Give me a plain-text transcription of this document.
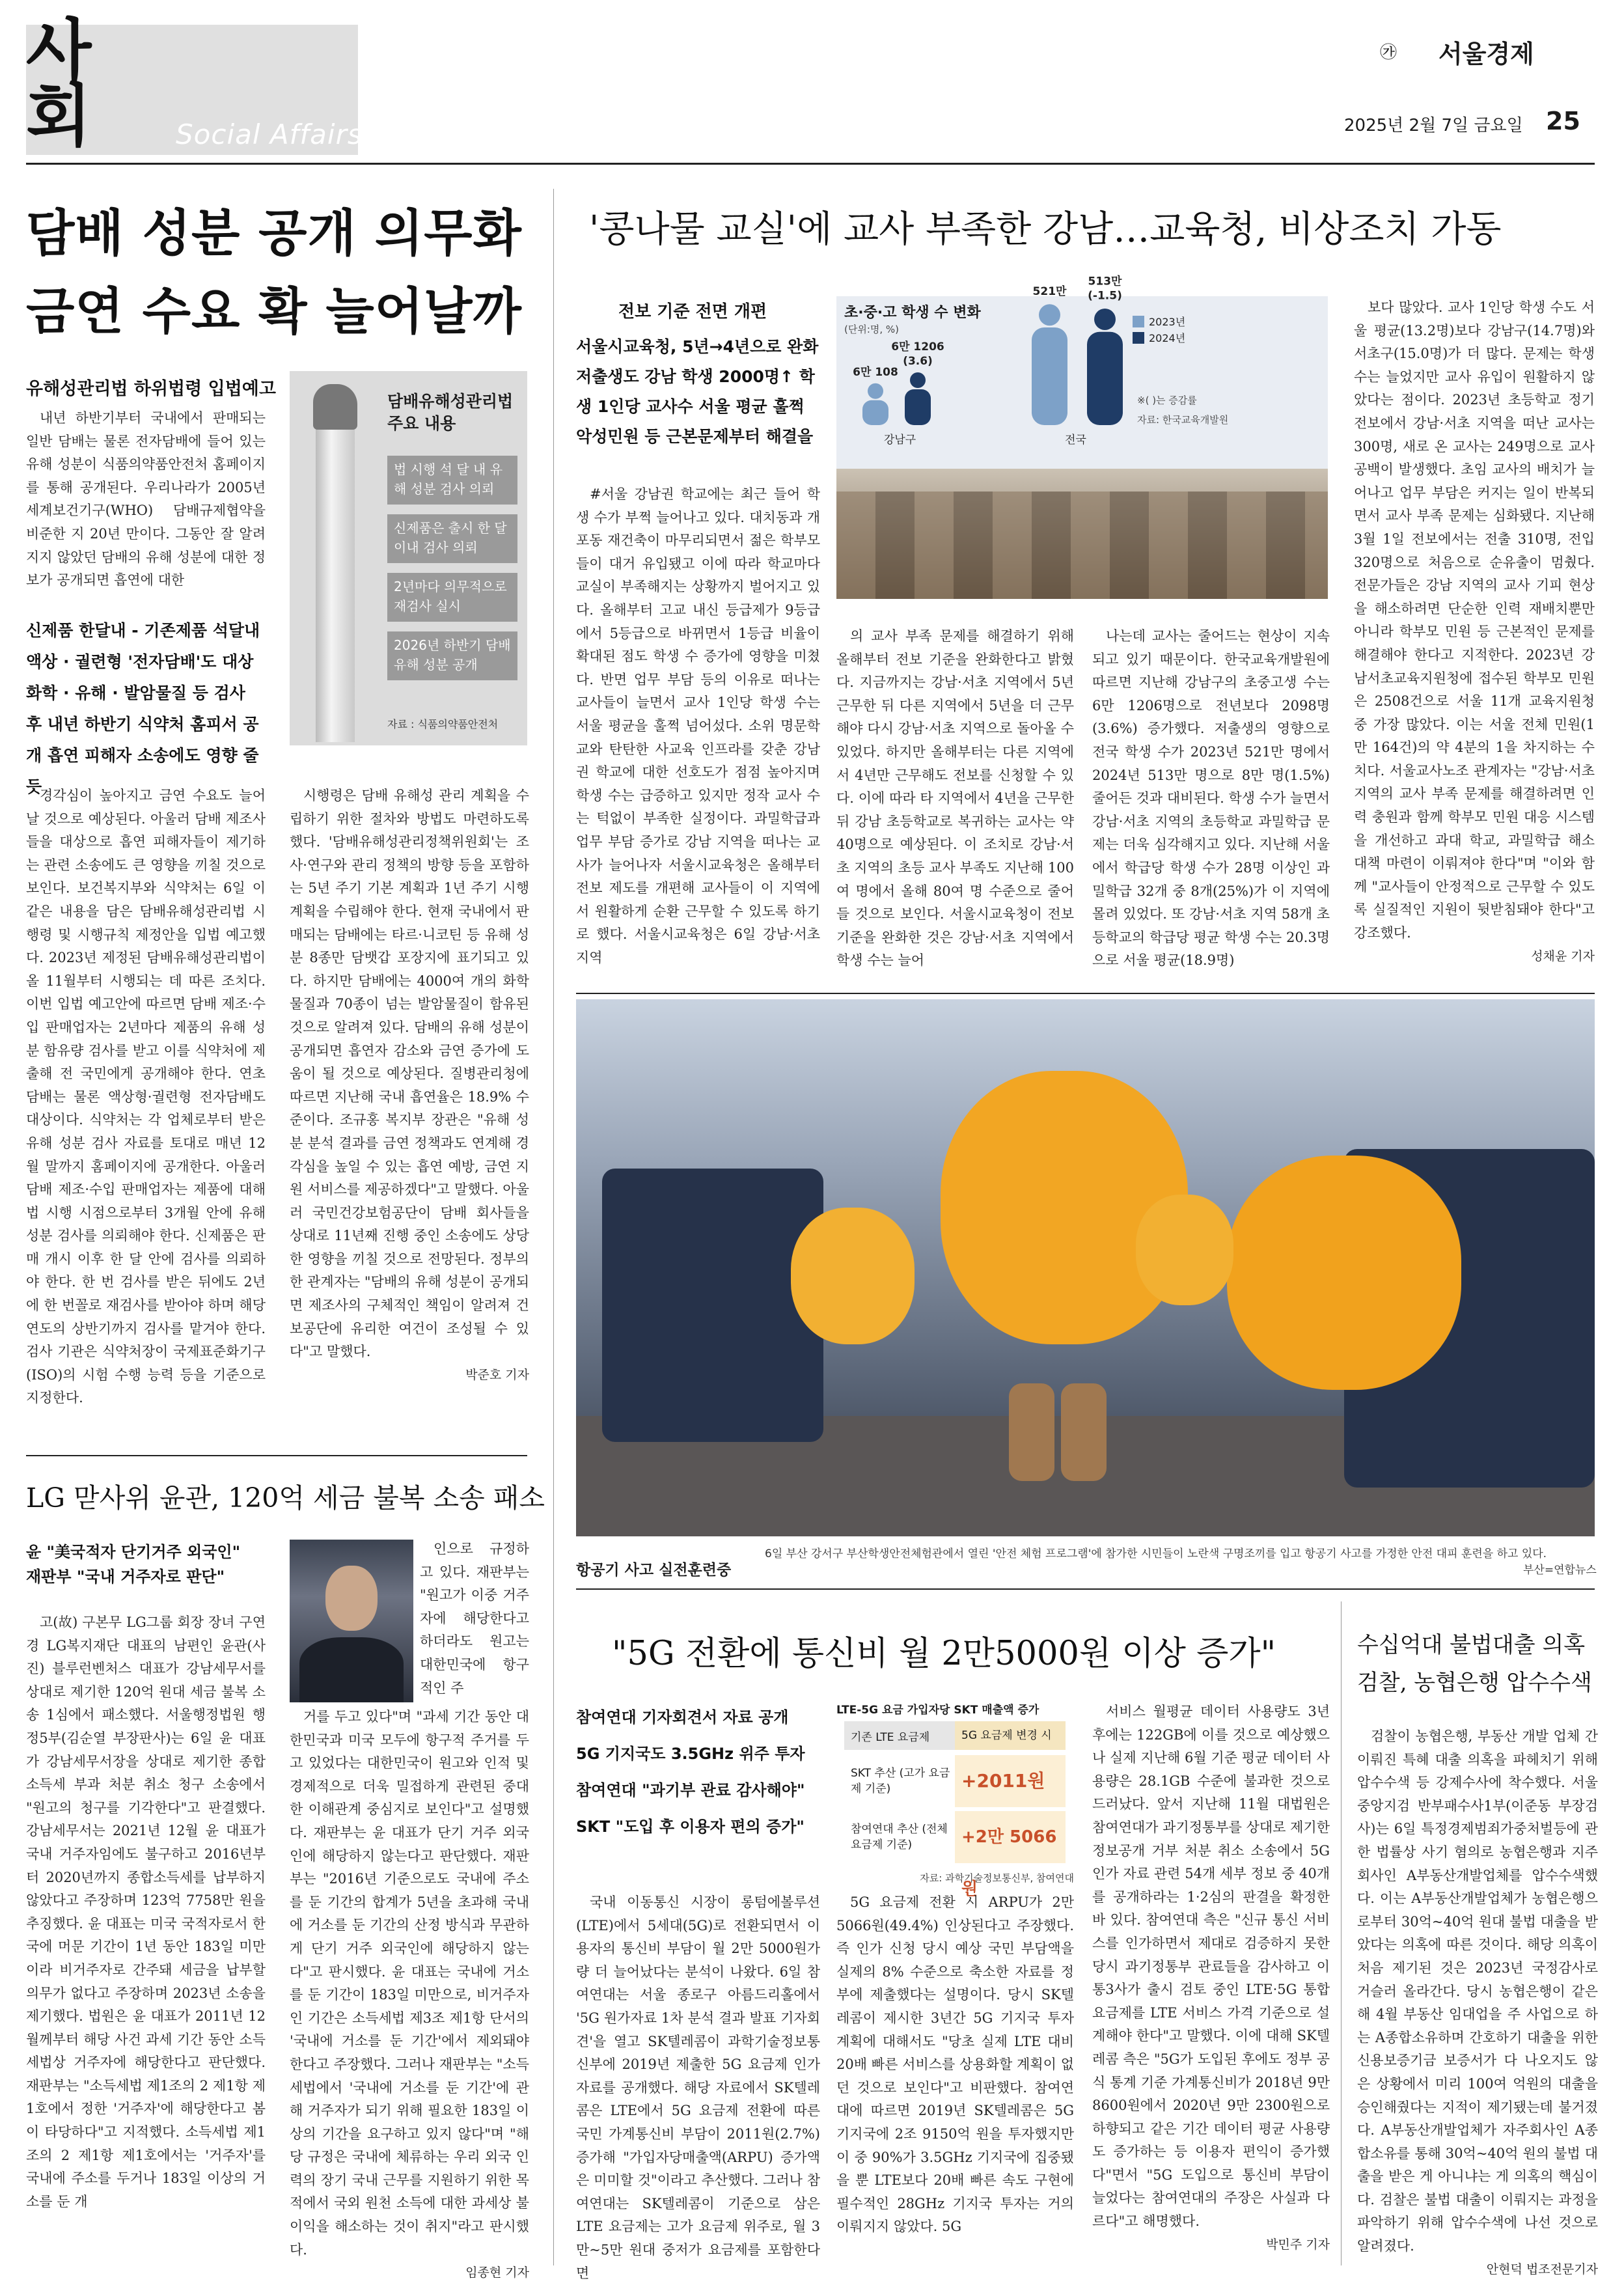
사회	Social Affairs
㉮ 서울경제
2025년 2월 7일 금요일 25
담배 성분 공개 의무화
금연 수요 확 늘어날까
유해성관리법 하위법령 입법예고

내년 하반기부터 국내에서 판매되는 일반 담배는 물론 전자담배에 들어 있는 유해 성분이 식품의약품안전처 홈페이지를 통해 공개된다. 우리나라가 2005년 세계보건기구(WHO) 담배규제협약을 비준한 지 20년 만이다. 그동안 잘 알려지지 않았던 담배의 유해 성분에 대한 정보가 공개되면 흡연에 대한

신제품 한달내 - 기존제품 석달내 액상 · 궐련형 '전자담배'도 대상 화학 · 유해 · 발암물질 등 검사 후 내년 하반기 식약처 홈피서 공개 흡연 피해자 소송에도 영향 줄듯
담배유해성관리법 주요 내용
법 시행 석 달 내 유해 성분 검사 의뢰
신제품은 출시 한 달 이내 검사 의뢰
2년마다 의무적으로 재검사 실시
2026년 하반기 담배 유해 성분 공개
자료 : 식품의약품안전처

경각심이 높아지고 금연 수요도 늘어날 것으로 예상된다. 아울러 담배 제조사들을 대상으로 흡연 피해자들이 제기하는 관련 소송에도 큰 영향을 끼칠 것으로 보인다. 보건복지부와 식약처는 6일 이 같은 내용을 담은 담배유해성관리법 시행령 및 시행규칙 제정안을 입법 예고했다. 2023년 제정된 담배유해성관리법이 올 11월부터 시행되는 데 따른 조치다. 이번 입법 예고안에 따르면 담배 제조·수입 판매업자는 2년마다 제품의 유해 성분 함유량 검사를 받고 이를 식약처에 제출해 전 국민에게 공개해야 한다. 연초 담배는 물론 액상형·궐련형 전자담배도 대상이다. 식약처는 각 업체로부터 받은 유해 성분 검사 자료를 토대로 매년 12월 말까지 홈페이지에 공개한다. 아울러 담배 제조·수입 판매업자는 제품에 대해 법 시행 시점으로부터 3개월 안에 유해 성분 검사를 의뢰해야 한다. 신제품은 판매 개시 이후 한 달 안에 검사를 의뢰하야 한다. 한 번 검사를 받은 뒤에도 2년에 한 번꼴로 재검사를 받아야 하며 해당 연도의 상반기까지 검사를 맡겨야 한다. 검사 기관은 식약처장이 국제표준화기구(ISO)의 시험 수행 능력 등을 기준으로 지정한다.

시행령은 담배 유해성 관리 계획을 수립하기 위한 절차와 방법도 마련하도록 했다. '담배유해성관리정책위원회'는 조사·연구와 관리 정책의 방향 등을 포함하는 5년 주기 기본 계획과 1년 주기 시행 계획을 수립해야 한다. 현재 국내에서 판매되는 담배에는 타르·니코틴 등 유해 성분 8종만 담뱃갑 포장지에 표기되고 있다. 하지만 담배에는 4000여 개의 화학물질과 70종이 넘는 발암물질이 함유된 것으로 알려져 있다. 담배의 유해 성분이 공개되면 흡연자 감소와 금연 증가에 도움이 될 것으로 예상된다. 질병관리청에 따르면 지난해 국내 흡연율은 18.9% 수준이다. 조규홍 복지부 장관은 "유해 성분 분석 결과를 금연 정책과도 연계해 경각심을 높일 수 있는 흡연 예방, 금연 지원 서비스를 제공하겠다"고 말했다. 아울러 국민건강보험공단이 담배 회사들을 상대로 11년째 진행 중인 소송에도 상당한 영향을 끼칠 것으로 전망된다. 정부의 한 관계자는 "담배의 유해 성분이 공개되면 제조사의 구체적인 책임이 알려져 건보공단에 유리한 여건이 조성될 수 있다"고 말했다.

박준호 기자
LG 맏사위 윤관, 120억 세금 불복 소송 패소
윤 "美국적자 단기거주 외국인"
재판부 "국내 거주자로 판단"

인으로 규정하고 있다. 재판부는 "원고가 이중 거주자에 해당한다고 하더라도 원고는 대한민국에 항구적인 주

고(故) 구본무 LG그룹 회장 장녀 구연경 LG복지재단 대표의 남편인 윤관(사진) 블루런벤처스 대표가 강남세무서를 상대로 제기한 120억 원대 세금 불복 소송 1심에서 패소했다. 서울행정법원 행정5부(김순열 부장판사)는 6일 윤 대표가 강남세무서장을 상대로 제기한 종합소득세 부과 처분 취소 청구 소송에서 "원고의 청구를 기각한다"고 판결했다. 강남세무서는 2021년 12월 윤 대표가 국내 거주자임에도 불구하고 2016년부터 2020년까지 종합소득세를 납부하지 않았다고 주장하며 123억 7758만 원을 추징했다. 윤 대표는 미국 국적자로서 한국에 머문 기간이 1년 동안 183일 미만이라 비거주자로 간주돼 세금을 납부할 의무가 없다고 주장하며 2023년 소송을 제기했다. 법원은 윤 대표가 2011년 12월께부터 해당 사건 과세 기간 동안 소득세법상 거주자에 해당한다고 판단했다. 재판부는 "소득세법 제1조의 2 제1항 제1호에서 정한 '거주자'에 해당한다고 봄이 타당하다"고 지적했다. 소득세법 제1조의 2 제1항 제1호에서는 '거주자'를 국내에 주소를 두거나 183일 이상의 거소를 둔 개

거를 두고 있다"며 "과세 기간 동안 대한민국과 미국 모두에 항구적 주거를 두고 있었다는 대한민국이 원고와 인적 및 경제적으로 더욱 밀접하게 관련된 중대한 이해관계 중심지로 보인다"고 설명했다. 재판부는 윤 대표가 단기 거주 외국인에 해당하지 않는다고 판단했다. 재판부는 "2016년 기준으로도 국내에 주소를 둔 기간의 합계가 5년을 초과해 국내에 거소를 둔 기간의 산정 방식과 무관하게 단기 거주 외국인에 해당하지 않는다"고 판시했다. 윤 대표는 국내에 거소를 둔 기간이 183일 미만으로, 비거주자인 기간은 소득세법 제3조 제1항 단서의 '국내에 거소를 둔 기간'에서 제외돼야 한다고 주장했다. 그러나 재판부는 "소득세법에서 '국내에 거소를 둔 기간'에 관해 거주자가 되기 위해 필요한 183일 이상의 기간을 요구하고 있지 않다"며 "해당 규정은 국내에 체류하는 우리 외국 인력의 장기 국내 근무를 지원하기 위한 목적에서 국외 원천 소득에 대한 과세상 불이익을 해소하는 것이 취지"라고 판시했다.

임종현 기자
'콩나물 교실'에 교사 부족한 강남…교육청, 비상조치 가동
전보 기준 전면 개편
서울시교육청, 5년→4년으로 완화 저출생도 강남 학생 2000명↑ 학생 1인당 교사수 서울 평균 훌쩍 악성민원 등 근본문제부터 해결을
초·중·고 학생 수 변화
(단위:명, %)
6만 108
6만 1206
(3.6)
강남구
521만
513만
(-1.5)
전국
2023년
2024년
※( )는 증감률
자료: 한국교육개발원

#서울 강남권 학교에는 최근 들어 학생 수가 부쩍 늘어나고 있다. 대치동과 개포동 재건축이 마무리되면서 젊은 학부모들이 대거 유입됐고 이에 따라 학교마다 교실이 부족해지는 상황까지 벌어지고 있다. 올해부터 고교 내신 등급제가 9등급에서 5등급으로 바뀌면서 1등급 비율이 확대된 점도 학생 수 증가에 영향을 미쳤다. 반면 업무 부담 등의 이유로 떠나는 교사들이 늘면서 교사 1인당 학생 수는 서울 평균을 훌쩍 넘어섰다. 소위 명문학교와 탄탄한 사교육 인프라를 갖춘 강남권 학교에 대한 선호도가 점점 높아지며 학생 수는 급증하고 있지만 정작 교사 수는 턱없이 부족한 실정이다. 과밀학급과 업무 부담 증가로 강남 지역을 떠나는 교사가 늘어나자 서울시교육청은 올해부터 전보 제도를 개편해 교사들이 이 지역에서 원활하게 순환 근무할 수 있도록 하기로 했다. 서울시교육청은 6일 강남·서초 지역

의 교사 부족 문제를 해결하기 위해 올해부터 전보 기준을 완화한다고 밝혔다. 지금까지는 강남·서초 지역에서 5년 근무한 뒤 다른 지역에서 5년을 더 근무해야 다시 강남·서초 지역으로 돌아올 수 있었다. 하지만 올해부터는 다른 지역에서 4년만 근무해도 전보를 신청할 수 있다. 이에 따라 타 지역에서 4년을 근무한 뒤 강남 초등학교로 복귀하는 교사는 약 40명으로 예상된다. 이 조치로 강남·서초 지역의 초등 교사 부족도 지난해 100여 명에서 올해 80여 명 수준으로 줄어들 것으로 보인다. 서울시교육청이 전보 기준을 완화한 것은 강남·서초 지역에서 학생 수는 늘어

나는데 교사는 줄어드는 현상이 지속되고 있기 때문이다. 한국교육개발원에 따르면 지난해 강남구의 초중고생 수는 6만 1206명으로 전년보다 2098명(3.6%) 증가했다. 저출생의 영향으로 전국 학생 수가 2023년 521만 명에서 2024년 513만 명으로 8만 명(1.5%) 줄어든 것과 대비된다. 학생 수가 늘면서 강남·서초 지역의 초등학교 과밀학급 문제는 더욱 심각해지고 있다. 지난해 서울에서 학급당 학생 수가 28명 이상인 과밀학급 32개 중 8개(25%)가 이 지역에 몰려 있었다. 또 강남·서초 지역 58개 초등학교의 학급당 평균 학생 수는 20.3명으로 서울 평균(18.9명)

보다 많았다. 교사 1인당 학생 수도 서울 평균(13.2명)보다 강남구(14.7명)와 서초구(15.0명)가 더 많다. 문제는 학생 수는 늘었지만 교사 유입이 원활하지 않았다는 점이다. 2023년 초등학교 정기 전보에서 강남·서초 지역을 떠난 교사는 300명, 새로 온 교사는 249명으로 교사 공백이 발생했다. 초임 교사의 배치가 늘어나고 업무 부담은 커지는 일이 반복되면서 교사 부족 문제는 심화됐다. 지난해 3월 1일 전보에서는 전출 310명, 전입 320명으로 처음으로 순유출이 멈췄다. 전문가들은 강남 지역의 교사 기피 현상을 해소하려면 단순한 인력 재배치뿐만 아니라 학부모 민원 등 근본적인 문제를 해결해야 한다고 지적한다. 2023년 강남서초교육지원청에 접수된 학부모 민원은 2508건으로 서울 11개 교육지원청 중 가장 많았다. 이는 서울 전체 민원(1만 164건)의 약 4분의 1을 차지하는 수치다. 서울교사노조 관계자는 "강남·서초 지역의 교사 부족 문제를 해결하려면 인력 충원과 함께 학부모 민원 대응 시스템을 개선하고 과대 학교, 과밀학급 해소 대책 마련이 이뤄져야 한다"며 "이와 함께 "교사들이 안정적으로 근무할 수 있도록 실질적인 지원이 뒷받침돼야 한다"고 강조했다.

성채윤 기자
항공기 사고 실전훈련중
6일 부산 강서구 부산학생안전체험관에서 열린 '안전 체험 프로그램'에 참가한 시민들이 노란색 구명조끼를 입고 항공기 사고를 가정한 안전 대피 훈련을 하고 있다.
부산=연합뉴스
"5G 전환에 통신비 월 2만5000원 이상 증가"
참여연대 기자회견서 자료 공개
5G 기지국도 3.5GHz 위주 투자
참여연대 "과기부 관료 감사해야"
SKT "도입 후 이용자 편의 증가"
LTE-5G 요금 가입자당 SKT 매출액 증가
기존 LTE 요금제	5G 요금제 변경 시
SKT 추산 (고가 요금제 기준)	+2011원
참여연대 추산 (전체 요금제 기준)	+2만 5066원
자료: 과학기술정보통신부, 참여연대

국내 이동통신 시장이 롱텀에볼루션(LTE)에서 5세대(5G)로 전환되면서 이용자의 통신비 부담이 월 2만 5000원가량 더 늘어났다는 분석이 나왔다. 6일 참여연대는 서울 종로구 아름드리홀에서 '5G 원가자료 1차 분석 결과 발표 기자회견'을 열고 SK텔레콤이 과학기술정보통신부에 2019년 제출한 5G 요금제 인가 자료를 공개했다. 해당 자료에서 SK텔레콤은 LTE에서 5G 요금제 전환에 따른 국민 가계통신비 부담이 2011원(2.7%) 증가해 "가입자당매출액(ARPU) 증가액은 미미할 것"이라고 추산했다. 그러나 참여연대는 SK텔레콤이 기준으로 삼은 LTE 요금제는 고가 요금제 위주로, 월 3만~5만 원대 중저가 요금제를 포함한다면

5G 요금제 전환 시 ARPU가 2만 5066원(49.4%) 인상된다고 주장했다. 즉 인가 신청 당시 예상 국민 부담액을 실제의 8% 수준으로 축소한 자료를 정부에 제출했다는 설명이다. 당시 SK텔레콤이 제시한 3년간 5G 기지국 투자 계획에 대해서도 "당초 실제 LTE 대비 20배 빠른 서비스를 상용화할 계획이 없던 것으로 보인다"고 비판했다. 참여연대에 따르면 2019년 SK텔레콤은 5G 기지국에 2조 9150억 원을 투자했지만 이 중 90%가 3.5GHz 기지국에 집중됐을 뿐 LTE보다 20배 빠른 속도 구현에 필수적인 28GHz 기지국 투자는 거의 이뤄지지 않았다. 5G

서비스 월평균 데이터 사용량도 3년 후에는 122GB에 이를 것으로 예상했으나 실제 지난해 6월 기준 평균 데이터 사용량은 28.1GB 수준에 불과한 것으로 드러났다. 앞서 지난해 11월 대법원은 참여연대가 과기정통부를 상대로 제기한 정보공개 거부 처분 취소 소송에서 5G 인가 자료 관련 54개 세부 정보 중 40개를 공개하라는 1·2심의 판결을 확정한 바 있다. 참여연대 측은 "신규 통신 서비스를 인가하면서 제대로 검증하지 못한 당시 과기정통부 관료들을 감사하고 이통3사가 출시 검토 중인 LTE·5G 통합 요금제를 LTE 서비스 가격 기준으로 설계해야 한다"고 말했다. 이에 대해 SK텔레콤 측은 "5G가 도입된 후에도 정부 공식 통계 기준 가계통신비가 2018년 9만 8600원에서 2020년 9만 2300원으로 하향되고 같은 기간 데이터 평균 사용량도 증가하는 등 이용자 편익이 증가했다"면서 "5G 도입으로 통신비 부담이 늘었다는 참여연대의 주장은 사실과 다르다"고 해명했다.

박민주 기자
수십억대 불법대출 의혹
검찰, 농협은행 압수수색

검찰이 농협은행, 부동산 개발 업체 간 이뤄진 특혜 대출 의혹을 파헤치기 위해 압수수색 등 강제수사에 착수했다. 서울중앙지검 반부패수사1부(이준동 부장검사)는 6일 특정경제범죄가중처벌등에 관한 법률상 사기 혐의로 농협은행과 지주 회사인 A부동산개발업체를 압수수색했다. 이는 A부동산개발업체가 농협은행으로부터 30억~40억 원대 불법 대출을 받았다는 의혹에 따른 것이다. 해당 의혹이 처음 제기된 것은 2023년 국정감사로 거슬러 올라간다. 당시 농협은행이 같은 해 4월 부동산 임대업을 주 사업으로 하는 A종합소유하며 간호하기 대출을 위한 신용보증기금 보증서가 다 나오지도 않은 상황에서 미리 100여 억원의 대출을 승인해줬다는 지적이 제기됐는데 불거졌다. A부동산개발업체가 자주회사인 A종합소유를 통해 30억~40억 원의 불법 대출을 받은 게 아니냐는 게 의혹의 핵심이다. 검찰은 불법 대출이 이뤄지는 과정을 파악하기 위해 압수수색에 나선 것으로 알려졌다.

안현덕 법조전문기자
